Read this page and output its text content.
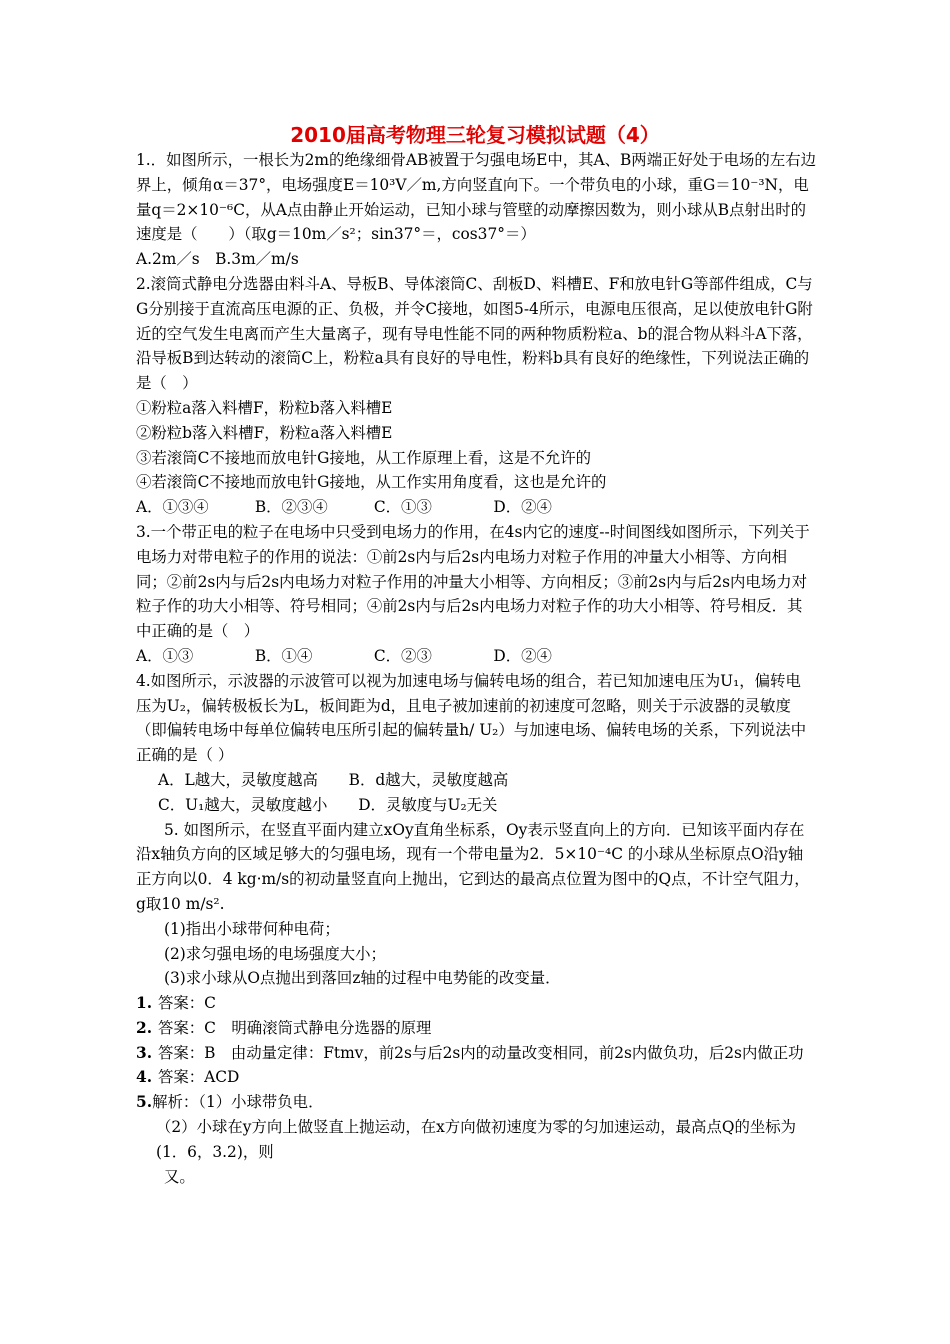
2010届高考物理三轮复习模拟试题（4）

1.．如图所示，一根长为2m的绝缘细骨AB被置于匀强电场E中，其A、B两端正好处于电场的左右边界上，倾角α＝37°，电场强度E＝10³V／m,方向竖直向下。一个带负电的小球，重G＝10⁻³N，电量q＝2×10⁻⁶C，从A点由静止开始运动，已知小球与管壁的动摩擦因数为，则小球从B点射出时的速度是（　　）（取g＝10m／s²；sin37°＝，cos37°＝）

A.2m／s　B.3m／m/s

2.滚筒式静电分选器由料斗A、导板B、导体滚筒C、刮板D、料槽E、F和放电针G等部件组成，C与G分别接于直流高压电源的正、负极，并令C接地，如图5-4所示，电源电压很高，足以使放电针G附近的空气发生电离而产生大量离子，现有导电性能不同的两种物质粉粒a、b的混合物从料斗A下落，沿导板B到达转动的滚筒C上，粉粒a具有良好的导电性，粉料b具有良好的绝缘性，下列说法正确的是（　）

①粉粒a落入料槽F，粉粒b落入料槽E

②粉粒b落入料槽F，粉粒a落入料槽E

③若滚筒C不接地而放电针G接地，从工作原理上看，这是不允许的

④若滚筒C不接地而放电针G接地，从工作实用角度看，这也是允许的

A．①③④　　　B．②③④　　　C．①③　　　　D．②④

3.一个带正电的粒子在电场中只受到电场力的作用，在4s内它的速度--时间图线如图所示，下列关于电场力对带电粒子的作用的说法：①前2s内与后2s内电场力对粒子作用的冲量大小相等、方向相同；②前2s内与后2s内电场力对粒子作用的冲量大小相等、方向相反；③前2s内与后2s内电场力对粒子作的功大小相等、符号相同；④前2s内与后2s内电场力对粒子作的功大小相等、符号相反．其中正确的是（　）

A．①③　　　　B．①④　　　　C．②③　　　　D．②④

4.如图所示，示波器的示波管可以视为加速电场与偏转电场的组合，若已知加速电压为U₁，偏转电压为U₂，偏转极板长为L，板间距为d，且电子被加速前的初速度可忽略，则关于示波器的灵敏度（即偏转电场中每单位偏转电压所引起的偏转量h/ U₂）与加速电场、偏转电场的关系，下列说法中正确的是（ ）

A．L越大，灵敏度越高　　B．d越大，灵敏度越高

C．U₁越大，灵敏度越小　　D．灵敏度与U₂无关

5. 如图所示，在竖直平面内建立xOy直角坐标系，Oy表示竖直向上的方向．已知该平面内存在沿x轴负方向的区域足够大的匀强电场，现有一个带电量为2．5×10⁻⁴C 的小球从坐标原点O沿y轴正方向以0．4 kg·m/s的初动量竖直向上抛出，它到达的最高点位置为图中的Q点，不计空气阻力，g取10 m/s².

(1)指出小球带何种电荷；

(2)求匀强电场的电场强度大小；

(3)求小球从O点抛出到落回z轴的过程中电势能的改变量．

1. 答案：C

2. 答案：C　明确滚筒式静电分选器的原理

3. 答案：B　由动量定律：Ftmv，前2s与后2s内的动量改变相同，前2s内做负功，后2s内做正功

4. 答案：ACD

5.解析：（1）小球带负电．

（2）小球在y方向上做竖直上抛运动，在x方向做初速度为零的匀加速运动，最高点Q的坐标为(1．6，3.2)，则

又。
